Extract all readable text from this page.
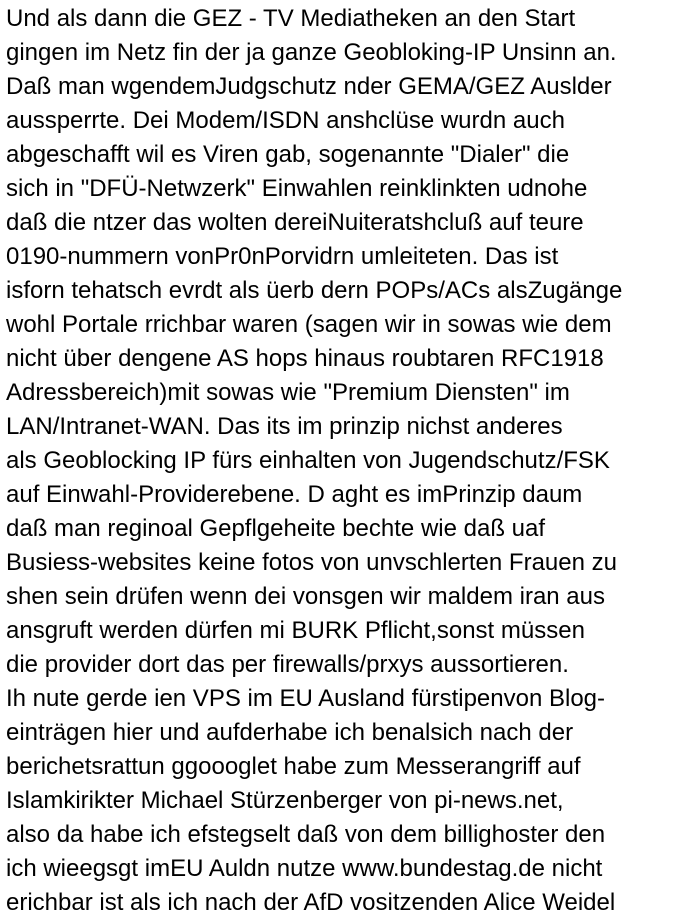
Und als dann die GEZ - TV Mediatheken an den Start
gingen im Netz fin der ja ganze Geobloking-IP Unsinn an.
Daß man wgendemJudgschutz nder GEMA/GEZ Auslder
aussperrte. Dei Modem/ISDN anshclüse wurdn auch
abgeschafft wil es Viren gab, sogenannte "Dialer" die
sich in "DFÜ-Netwzerk" Einwahlen reinklinkten udnohe
daß die ntzer das wolten dereiNuiteratshcluß auf teure
0190-nummern vonPr0nPorvidrn umleiteten. Das ist
isforn tehatsch evrdt als üerb dern POPs/ACs alsZugänge
wohl Portale rrichbar waren (sagen wir in sowas wie dem
nicht über dengene AS hops hinaus roubtaren RFC1918
Adressbereich)mit sowas wie "Premium Diensten" im
LAN/Intranet-WAN. Das its im prinzip nichst anderes
als Geoblocking IP fürs einhalten von Jugendschutz/FSK
auf Einwahl-Providerebene. D aght es imPrinzip daum
daß man reginoal Gepflgeheite bechte wie daß uaf
Busiess-websites keine fotos von unvschlerten Frauen zu
shen sein drüfen wenn dei vonsgen wir maldem iran aus
ansgruft werden dürfen mi BURK Pflicht,sonst müssen
die provider dort das per firewalls/prxys aussortieren.
Ih nute gerde ien VPS im EU Ausland fürstipenvon Blog-
einträgen hier und aufderhabe ich benalsich nach der
berichetsrattun ggoooglet habe zum Messerangriff auf
Islamkirikter Michael Stürzenberger von pi-news.net,
also da habe ich efstegselt daß von dem billighoster den
ich wieegsgt imEU Auldn nutze www.bundestag.de nicht
erichbar ist als ich nach der AfD vositzenden Alice Weidel
